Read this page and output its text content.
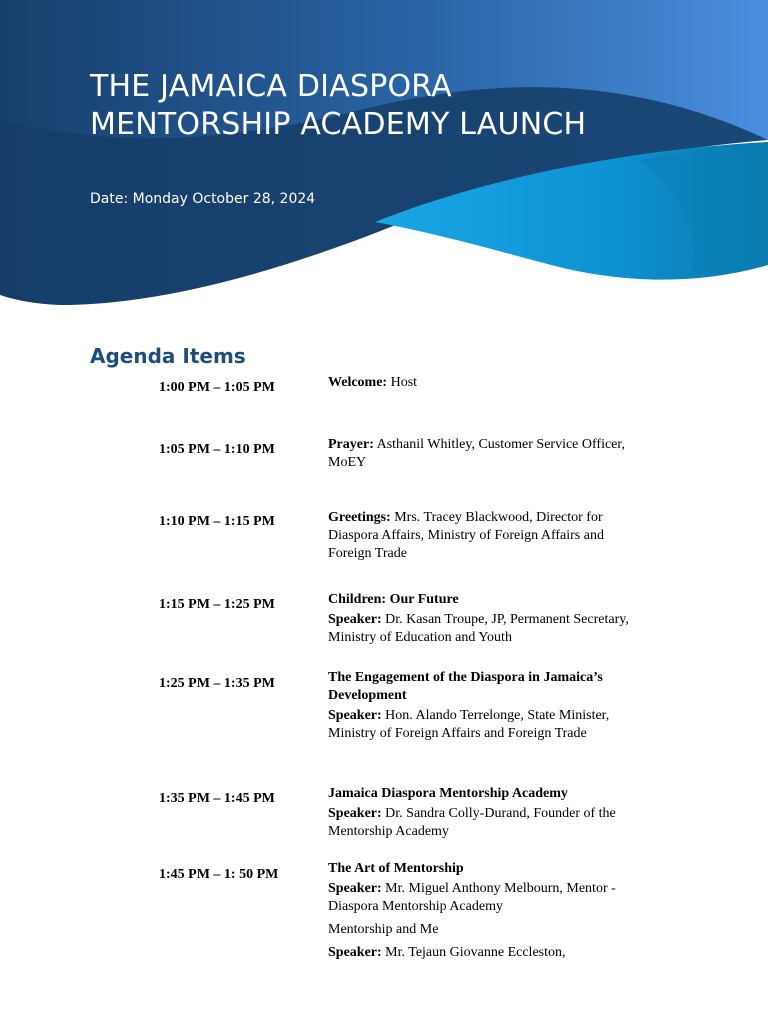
THE JAMAICA DIASPORA
MENTORSHIP ACADEMY LAUNCH
Date: Monday October 28, 2024
Agenda Items
1:00 PM – 1:05 PM	Welcome: Host

1:05 PM – 1:10 PM	Prayer: Asthanil Whitley, Customer Service Officer, MoEY

1:10 PM – 1:15 PM	Greetings: Mrs. Tracey Blackwood, Director for Diaspora Affairs, Ministry of Foreign Affairs and Foreign Trade

1:15 PM – 1:25 PM	Children: Our Future

Speaker: Dr. Kasan Troupe, JP, Permanent Secretary, Ministry of Education and Youth

1:25 PM – 1:35 PM	The Engagement of the Diaspora in Jamaica’s Development

Speaker: Hon. Alando Terrelonge, State Minister, Ministry of Foreign Affairs and Foreign Trade

1:35 PM – 1:45 PM	Jamaica Diaspora Mentorship Academy

Speaker: Dr. Sandra Colly-Durand, Founder of the Mentorship Academy

1:45 PM – 1: 50 PM	The Art of Mentorship

Speaker: Mr. Miguel Anthony Melbourn, Mentor - Diaspora Mentorship Academy

Mentorship and Me

Speaker: Mr. Tejaun Giovanne Eccleston,
